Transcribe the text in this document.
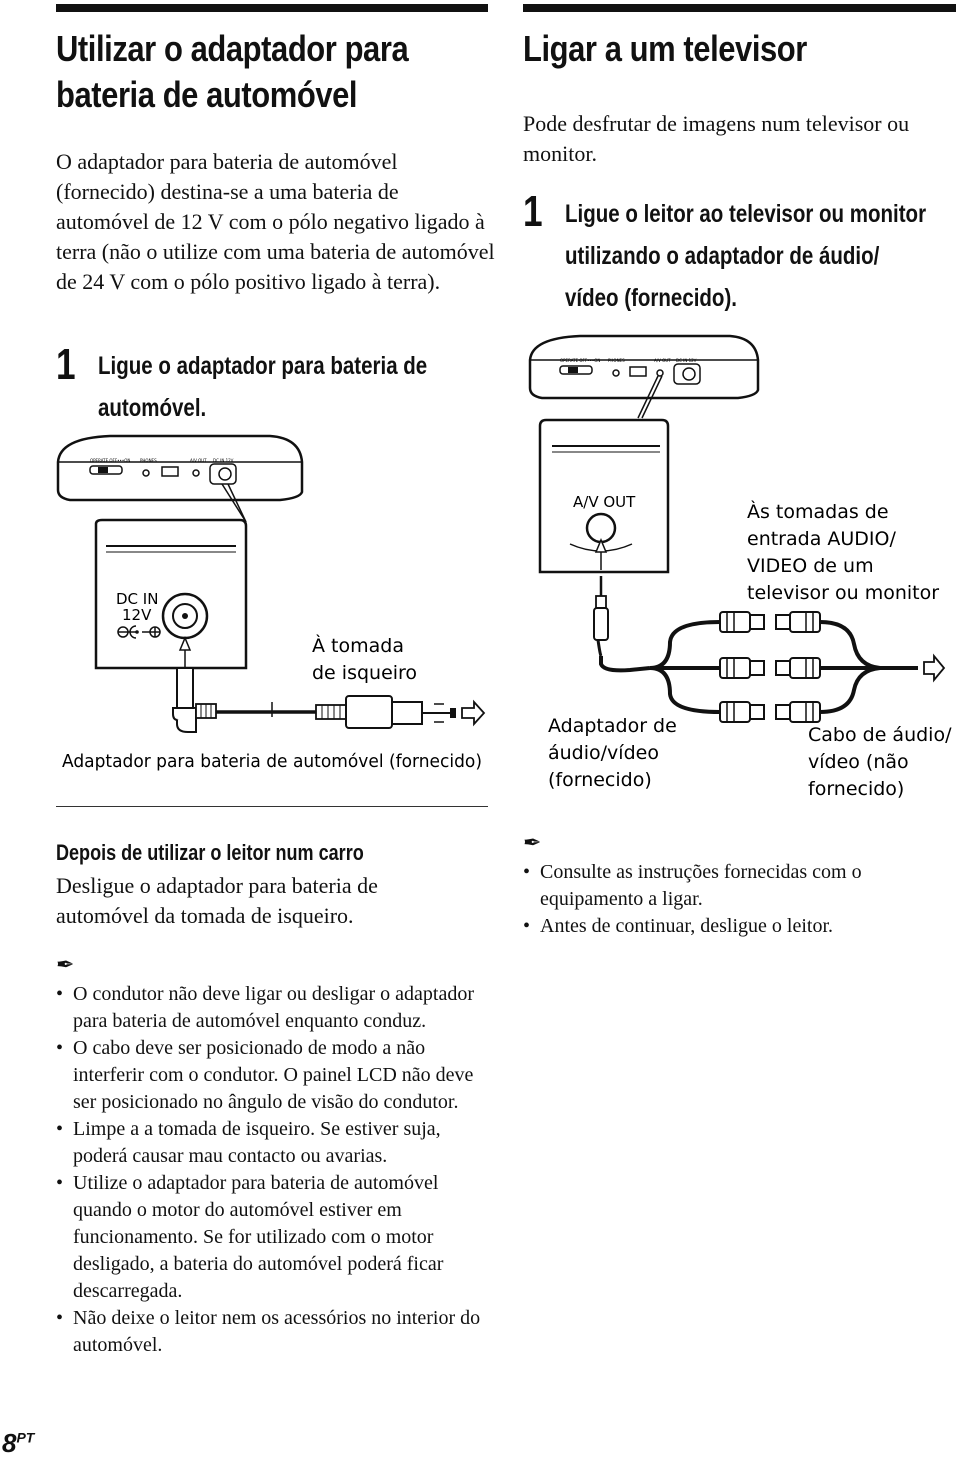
Utilizar o adaptador para
bateria de automóvel
O adaptador para bateria de automóvel (fornecido) destina-se a uma bateria de automóvel de 12 V com o pólo negativo ligado à terra (não o utilize com uma bateria de automóvel de 24 V com o pólo positivo ligado à terra).
1 Ligue o adaptador para bateria de
automóvel.
OPERATE OFF•••ON PHONES	A/V OUT DC IN 12V
DC IN
12V
À tomada
de isqueiro
Adaptador para bateria de automóvel (fornecido)
Depois de utilizar o leitor num carro
Desligue o adaptador para bateria de automóvel da tomada de isqueiro.
✒
• O condutor não deve ligar ou desligar o adaptador para bateria de automóvel enquanto conduz.
• O cabo deve ser posicionado de modo a não interferir com o condutor. O painel LCD não deve ser posicionado no ângulo de visão do condutor.
• Limpe a a tomada de isqueiro. Se estiver suja, poderá causar mau contacto ou avarias.
• Utilize o adaptador para bateria de automóvel quando o motor do automóvel estiver em funcionamento. Se for utilizado com o motor desligado, a bateria do automóvel poderá ficar descarregada.
• Não deixe o leitor nem os acessórios no interior do automóvel.
Ligar a um televisor
Pode desfrutar de imagens num televisor ou monitor.
1 Ligue o leitor ao televisor ou monitor
utilizando o adaptador de áudio/
vídeo (fornecido).
OPERATE OFF•••ON PHONES	A/V OUT DC IN 12V
A/V OUT	Às tomadas de
entrada AUDIO/
VIDEO de um
televisor ou monitor
Adaptador de
áudio/vídeo
(fornecido)
Cabo de áudio/
vídeo (não
fornecido)
✒
• Consulte as instruções fornecidas com o equipamento a ligar.
• Antes de continuar, desligue o leitor.
$8^{PT}$
